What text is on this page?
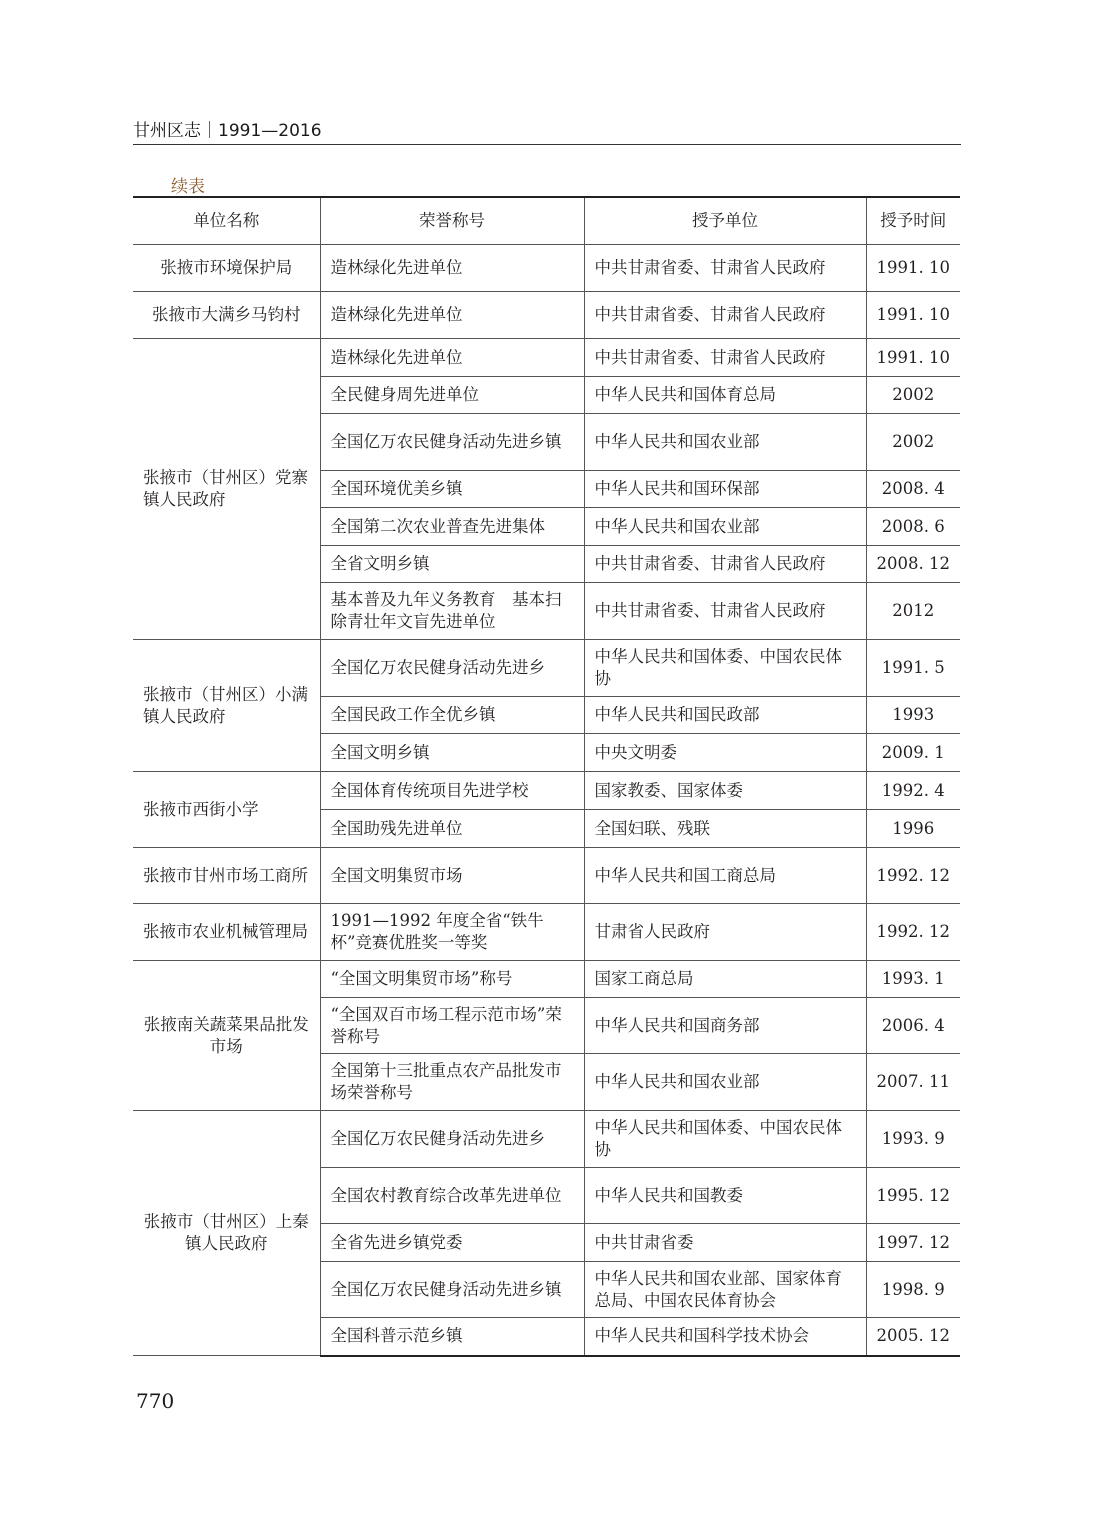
甘州区志｜1991—2016
续表
单位名称	荣誉称号	授予单位	授予时间
张掖市环境保护局	造林绿化先进单位	中共甘肃省委、甘肃省人民政府	1991. 10
张掖市大满乡马钧村	造林绿化先进单位	中共甘肃省委、甘肃省人民政府	1991. 10
张掖市（甘州区）党寨镇人民政府	造林绿化先进单位	中共甘肃省委、甘肃省人民政府	1991. 10
	全民健身周先进单位	中华人民共和国体育总局	2002
	全国亿万农民健身活动先进乡镇	中华人民共和国农业部	2002
	全国环境优美乡镇	中华人民共和国环保部	2008. 4
	全国第二次农业普查先进集体	中华人民共和国农业部	2008. 6
	全省文明乡镇	中共甘肃省委、甘肃省人民政府	2008. 12
	基本普及九年义务教育　基本扫除青壮年文盲先进单位	中共甘肃省委、甘肃省人民政府	2012
张掖市（甘州区）小满镇人民政府	全国亿万农民健身活动先进乡	中华人民共和国体委、中国农民体协	1991. 5
	全国民政工作全优乡镇	中华人民共和国民政部	1993
	全国文明乡镇	中央文明委	2009. 1
张掖市西街小学	全国体育传统项目先进学校	国家教委、国家体委	1992. 4
	全国助残先进单位	全国妇联、残联	1996
张掖市甘州市场工商所	全国文明集贸市场	中华人民共和国工商总局	1992. 12
张掖市农业机械管理局	1991—1992 年度全省“铁牛杯”竞赛优胜奖一等奖	甘肃省人民政府	1992. 12
张掖南关蔬菜果品批发市场	“全国文明集贸市场”称号	国家工商总局	1993. 1
	“全国双百市场工程示范市场”荣誉称号	中华人民共和国商务部	2006. 4
	全国第十三批重点农产品批发市场荣誉称号	中华人民共和国农业部	2007. 11
张掖市（甘州区）上秦镇人民政府	全国亿万农民健身活动先进乡	中华人民共和国体委、中国农民体协	1993. 9
	全国农村教育综合改革先进单位	中华人民共和国教委	1995. 12
	全省先进乡镇党委	中共甘肃省委	1997. 12
	全国亿万农民健身活动先进乡镇	中华人民共和国农业部、国家体育总局、中国农民体育协会	1998. 9
	全国科普示范乡镇	中华人民共和国科学技术协会	2005. 12
770
